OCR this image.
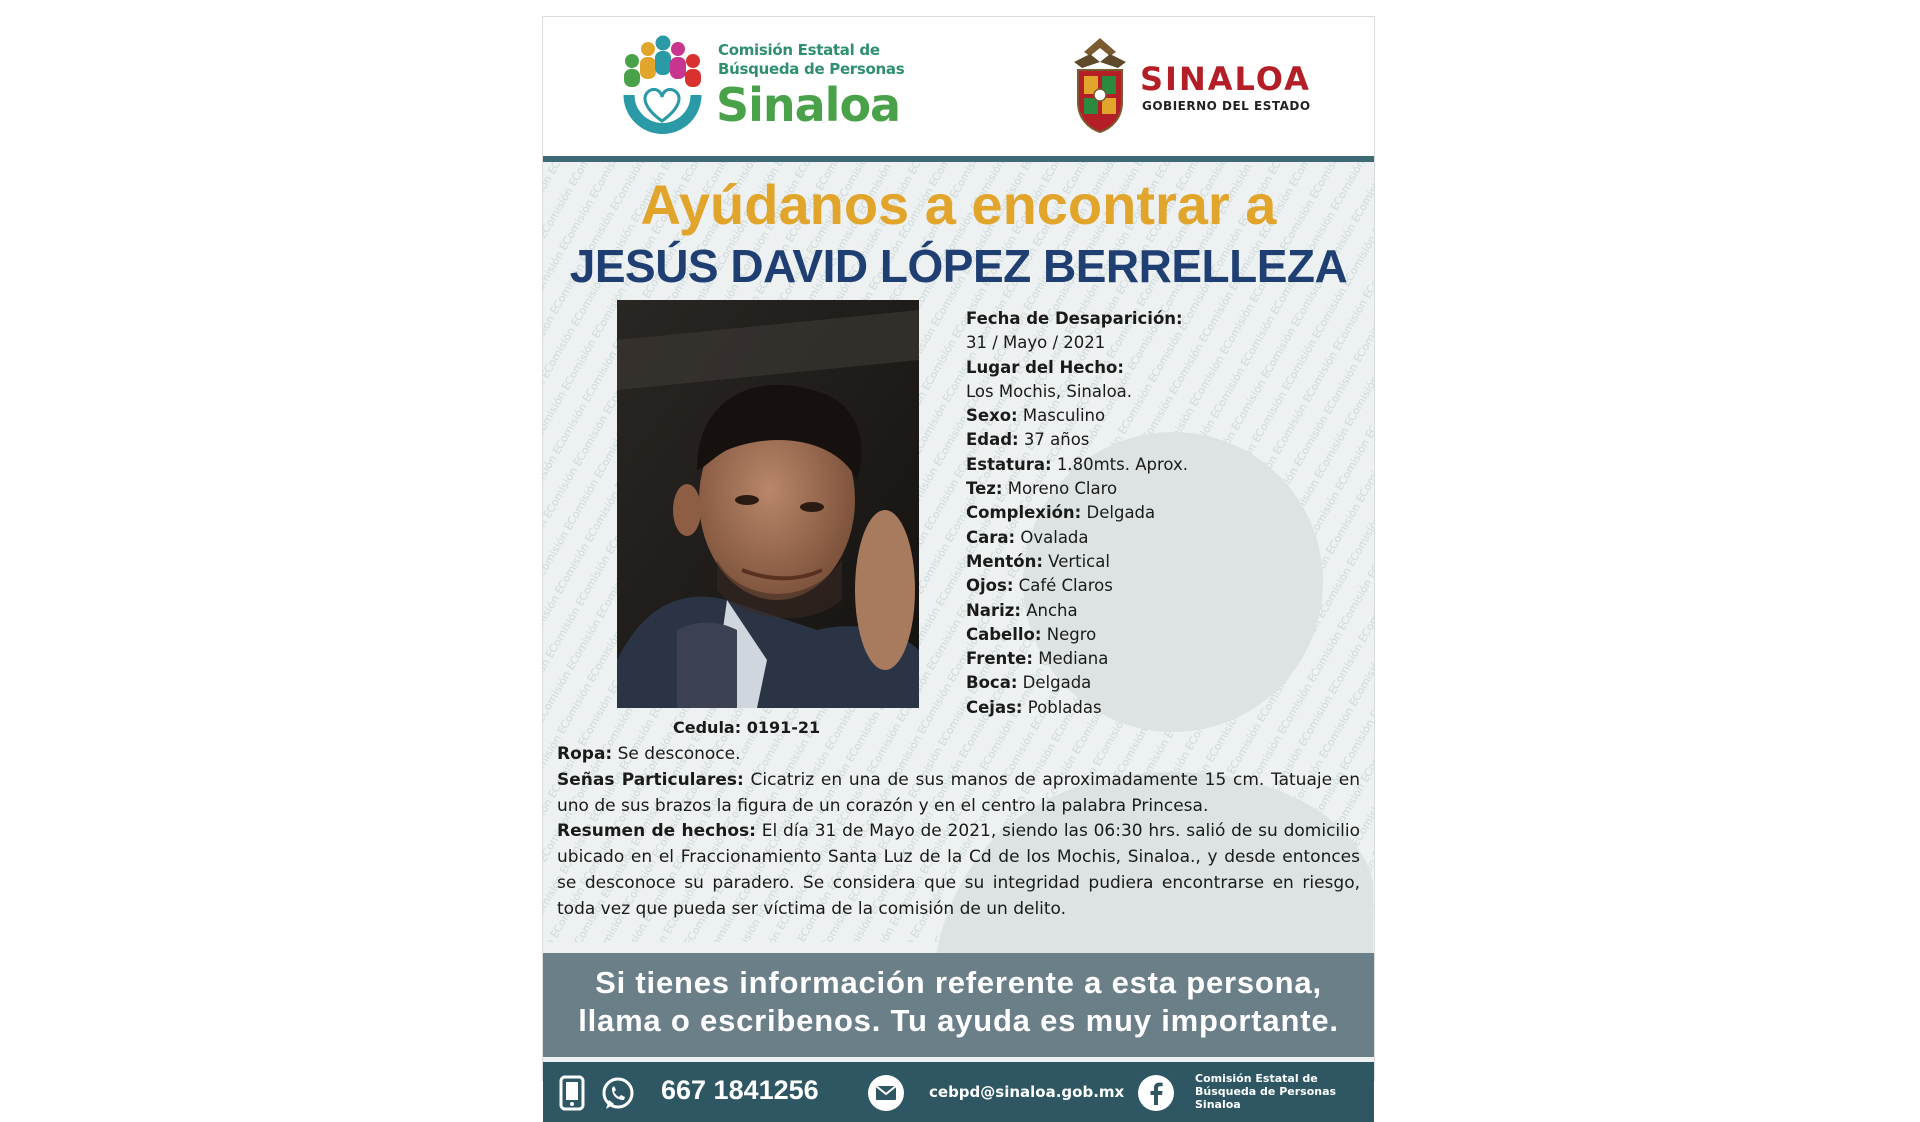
Comisión Estatal de
Búsqueda de Personas
Sinaloa	SINALOA
GOBIERNO DEL ESTADO
Ayúdanos a encontrar a
JESÚS DAVID LÓPEZ BERRELLEZA
Fecha de Desaparición:
31 / Mayo / 2021
Lugar del Hecho:
Los Mochis, Sinaloa.
Sexo: Masculino
Edad: 37 años
Estatura: 1.80mts. Aprox.
Tez: Moreno Claro
Complexión: Delgada
Cara: Ovalada
Mentón: Vertical
Ojos: Café Claros
Nariz: Ancha
Cabello: Negro
Frente: Mediana
Boca: Delgada
Cejas: Pobladas
Cedula: 0191-21

Ropa: Se desconoce.

Señas Particulares: Cicatriz en una de sus manos de aproximadamente 15 cm. Tatuaje en uno de sus brazos la figura de un corazón y en el centro la palabra Princesa.

Resumen de hechos: El día 31 de Mayo de 2021, siendo las 06:30 hrs. salió de su domicilio ubicado en el Fraccionamiento Santa Luz de la Cd de los Mochis, Sinaloa., y desde entonces se desconoce su paradero. Se considera que su integridad pudiera encontrarse en riesgo, toda vez que pueda ser víctima de la comisión de un delito.

Si tienes información referente a esta persona,
llama o escribenos. Tu ayuda es muy importante.
667 1841256	cebpd@sinaloa.gob.mx
Comisión Estatal de
Búsqueda de Personas
Sinaloa
